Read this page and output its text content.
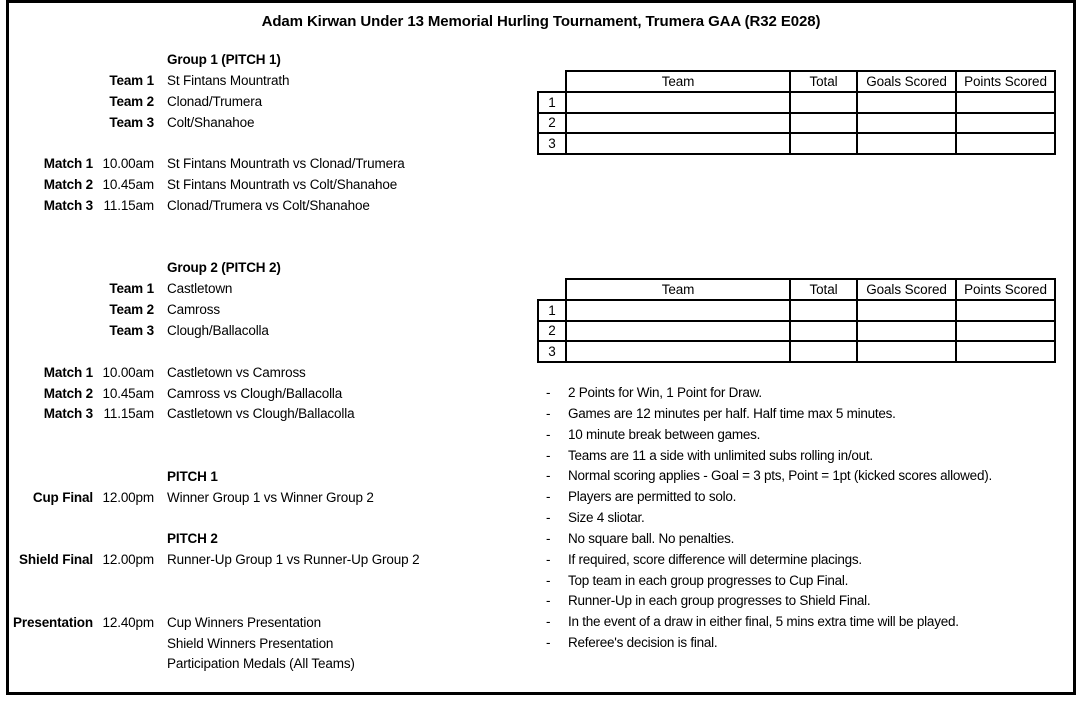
Adam Kirwan Under 13 Memorial Hurling Tournament, Trumera GAA (R32 E028)
Group 1 (PITCH 1)
Team 1 St Fintans Mountrath
Team 2 Clonad/Trumera
Team 3 Colt/Shanahoe
Match 1 10.00am St Fintans Mountrath vs Clonad/Trumera
Match 2 10.45am St Fintans Mountrath vs Colt/Shanahoe
Match 3 11.15am Clonad/Trumera vs Colt/Shanahoe
Group 2 (PITCH 2)
Team 1 Castletown
Team 2 Camross
Team 3 Clough/Ballacolla
Match 1 10.00am Castletown vs Camross
Match 2 10.45am Camross vs Clough/Ballacolla
Match 3 11.15am Castletown vs Clough/Ballacolla
PITCH 1
Cup Final 12.00pm Winner Group 1 vs Winner Group 2
PITCH 2
Shield Final 12.00pm Runner-Up Group 1 vs Runner-Up Group 2
Presentation 12.40pm Cup Winners Presentation
Shield Winners Presentation
Participation Medals (All Teams)
	Team	Total	Goals Scored	Points Scored
1				
2				
3				
	Team	Total	Goals Scored	Points Scored
1				
2				
3				
-	2 Points for Win, 1 Point for Draw.
-	Games are 12 minutes per half. Half time max 5 minutes.
-	10 minute break between games.
-	Teams are 11 a side with unlimited subs rolling in/out.
-	Normal scoring applies - Goal = 3 pts, Point = 1pt (kicked scores allowed).
-	Players are permitted to solo.
-	Size 4 sliotar.
-	No square ball. No penalties.
-	If required, score difference will determine placings.
-	Top team in each group progresses to Cup Final.
-	Runner-Up in each group progresses to Shield Final.
-	In the event of a draw in either final, 5 mins extra time will be played.
-	Referee's decision is final.
